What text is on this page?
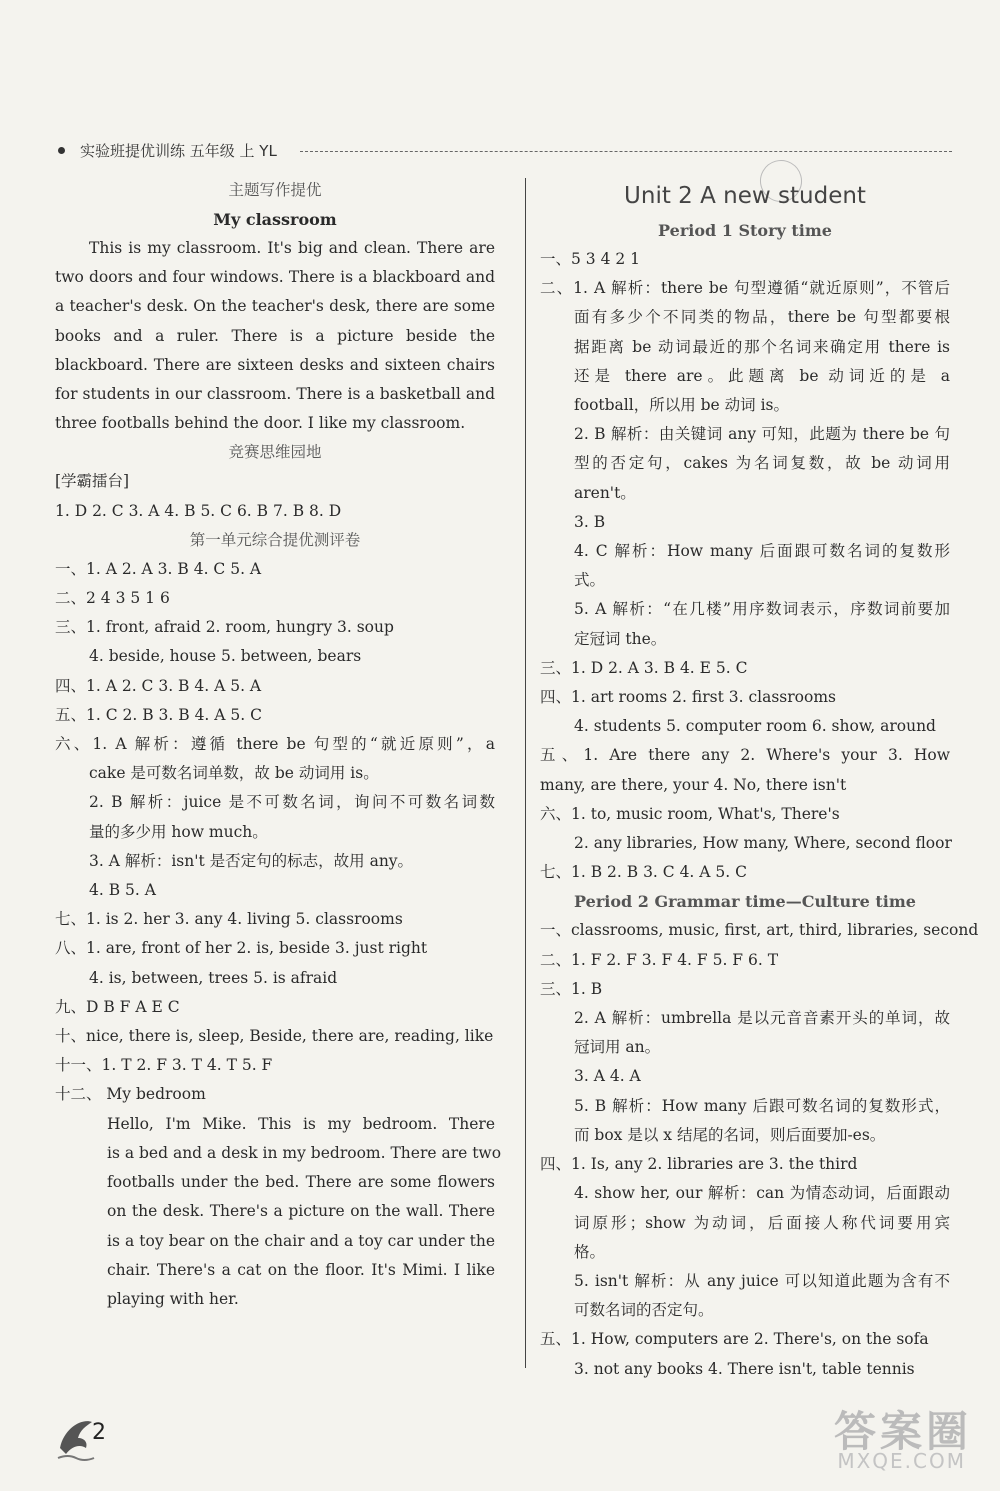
实验班提优训练 五年级 上 YL
主题写作提优
My classroom
This is my classroom. It's big and clean. There are
two doors and four windows. There is a blackboard and
a teacher's desk. On the teacher's desk, there are some
books and a ruler. There is a picture beside the
blackboard. There are sixteen desks and sixteen chairs
for students in our classroom. There is a basketball and
three footballs behind the door. I like my classroom.
竞赛思维园地
[学霸擂台]
1. D 2. C 3. A 4. B 5. C 6. B 7. B 8. D
第一单元综合提优测评卷
一、1. A 2. A 3. B 4. C 5. A
二、2 4 3 5 1 6
三、1. front, afraid 2. room, hungry 3. soup
4. beside, house 5. between, bears
四、1. A 2. C 3. B 4. A 5. A
五、1. C 2. B 3. B 4. A 5. C
六、1. A 解析：遵循 there be 句型的“就近原则”，a
cake 是可数名词单数，故 be 动词用 is。
2. B 解析：juice 是不可数名词，询问不可数名词数
量的多少用 how much。
3. A 解析：isn't 是否定句的标志，故用 any。
4. B 5. A
七、1. is 2. her 3. any 4. living 5. classrooms
八、1. are, front of her 2. is, beside 3. just right
4. is, between, trees 5. is afraid
九、D B F A E C
十、nice, there is, sleep, Beside, there are, reading, like
十一、1. T 2. F 3. T 4. T 5. F
十二、 My bedroom
Hello, I'm Mike. This is my bedroom. There
is a bed and a desk in my bedroom. There are two
footballs under the bed. There are some flowers
on the desk. There's a picture on the wall. There
is a toy bear on the chair and a toy car under the
chair. There's a cat on the floor. It's Mimi. I like
playing with her.
Unit 2 A new student
Period 1 Story time
一、5 3 4 2 1
二、1. A 解析：there be 句型遵循“就近原则”，不管后
面有多少个不同类的物品，there be 句型都要根
据距离 be 动词最近的那个名词来确定用 there is
还是 there are。此题离 be 动词近的是 a
football，所以用 be 动词 is。
2. B 解析：由关键词 any 可知，此题为 there be 句
型的否定句，cakes 为名词复数，故 be 动词用
aren't。
3. B
4. C 解析：How many 后面跟可数名词的复数形
式。
5. A 解析：“在几楼”用序数词表示，序数词前要加
定冠词 the。
三、1. D 2. A 3. B 4. E 5. C
四、1. art rooms 2. first 3. classrooms
4. students 5. computer room 6. show, around
五、1. Are there any 2. Where's your 3. How
many, are there, your 4. No, there isn't
六、1. to, music room, What's, There's
2. any libraries, How many, Where, second floor
七、1. B 2. B 3. C 4. A 5. C
Period 2 Grammar time—Culture time
一、classrooms, music, first, art, third, libraries, second
二、1. F 2. F 3. F 4. F 5. F 6. T
三、1. B
2. A 解析：umbrella 是以元音音素开头的单词，故
冠词用 an。
3. A 4. A
5. B 解析：How many 后跟可数名词的复数形式，
而 box 是以 x 结尾的名词，则后面要加-es。
四、1. Is, any 2. libraries are 3. the third
4. show her, our 解析：can 为情态动词，后面跟动
词原形；show 为动词，后面接人称代词要用宾
格。
5. isn't 解析：从 any juice 可以知道此题为含有不
可数名词的否定句。
五、1. How, computers are 2. There's, on the sofa
3. not any books 4. There isn't, table tennis
2	答案圈
MXQE.COM
